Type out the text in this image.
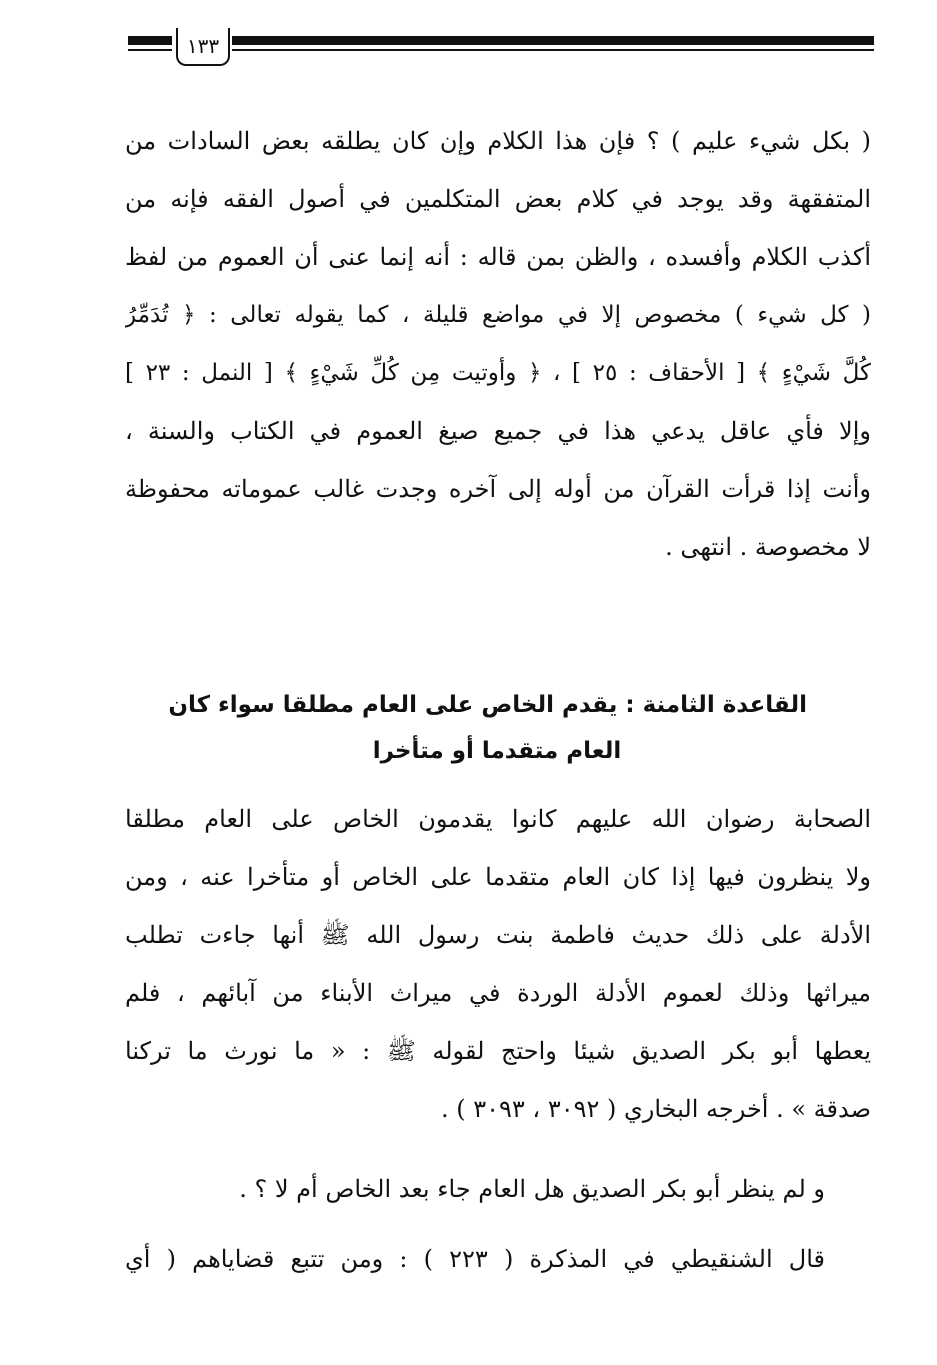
١٣٣
( بكل شيء عليم ) ؟ فإن هذا الكلام وإن كان يطلقه بعض السادات من
المتفقهة وقد يوجد في كلام بعض المتكلمين في أصول الفقه فإنه من
أكذب الكلام وأفسده ، والظن بمن قاله : أنه إنما عنى أن العموم من لفظ
( كل شيء ) مخصوص إلا في مواضع قليلة ، كما يقوله تعالى : ﴿ تُدَمِّرُ
كُلَّ شَيْءٍ ﴾ [ الأحقاف : ٢٥ ] ، ﴿ وأوتيت مِن كُلِّ شَيْءٍ ﴾ [ النمل : ٢٣ ]
وإلا فأي عاقل يدعي هذا في جميع صيغ العموم في الكتاب والسنة ،
وأنت إذا قرأت القرآن من أوله إلى آخره وجدت غالب عموماته محفوظة
لا مخصوصة . انتهى .
القاعدة الثامنة : يقدم الخاص على العام مطلقا سواء كان
العام متقدما أو متأخرا
الصحابة رضوان الله عليهم كانوا يقدمون الخاص على العام مطلقا
ولا ينظرون فيها إذا كان العام متقدما على الخاص أو متأخرا عنه ، ومن
الأدلة على ذلك حديث فاطمة بنت رسول الله ﷺ أنها جاءت تطلب
ميراثها وذلك لعموم الأدلة الوردة في ميراث الأبناء من آبائهم ، فلم
يعطها أبو بكر الصديق شيئا واحتج لقوله ﷺ : « ما نورث ما تركنا
صدقة » . أخرجه البخاري ( ٣٠٩٢ ، ٣٠٩٣ ) .
و لم ينظر أبو بكر الصديق هل العام جاء بعد الخاص أم لا ؟ .
قال الشنقيطي في المذكرة ( ٢٢٣ ) : ومن تتبع قضاياهم ( أي
